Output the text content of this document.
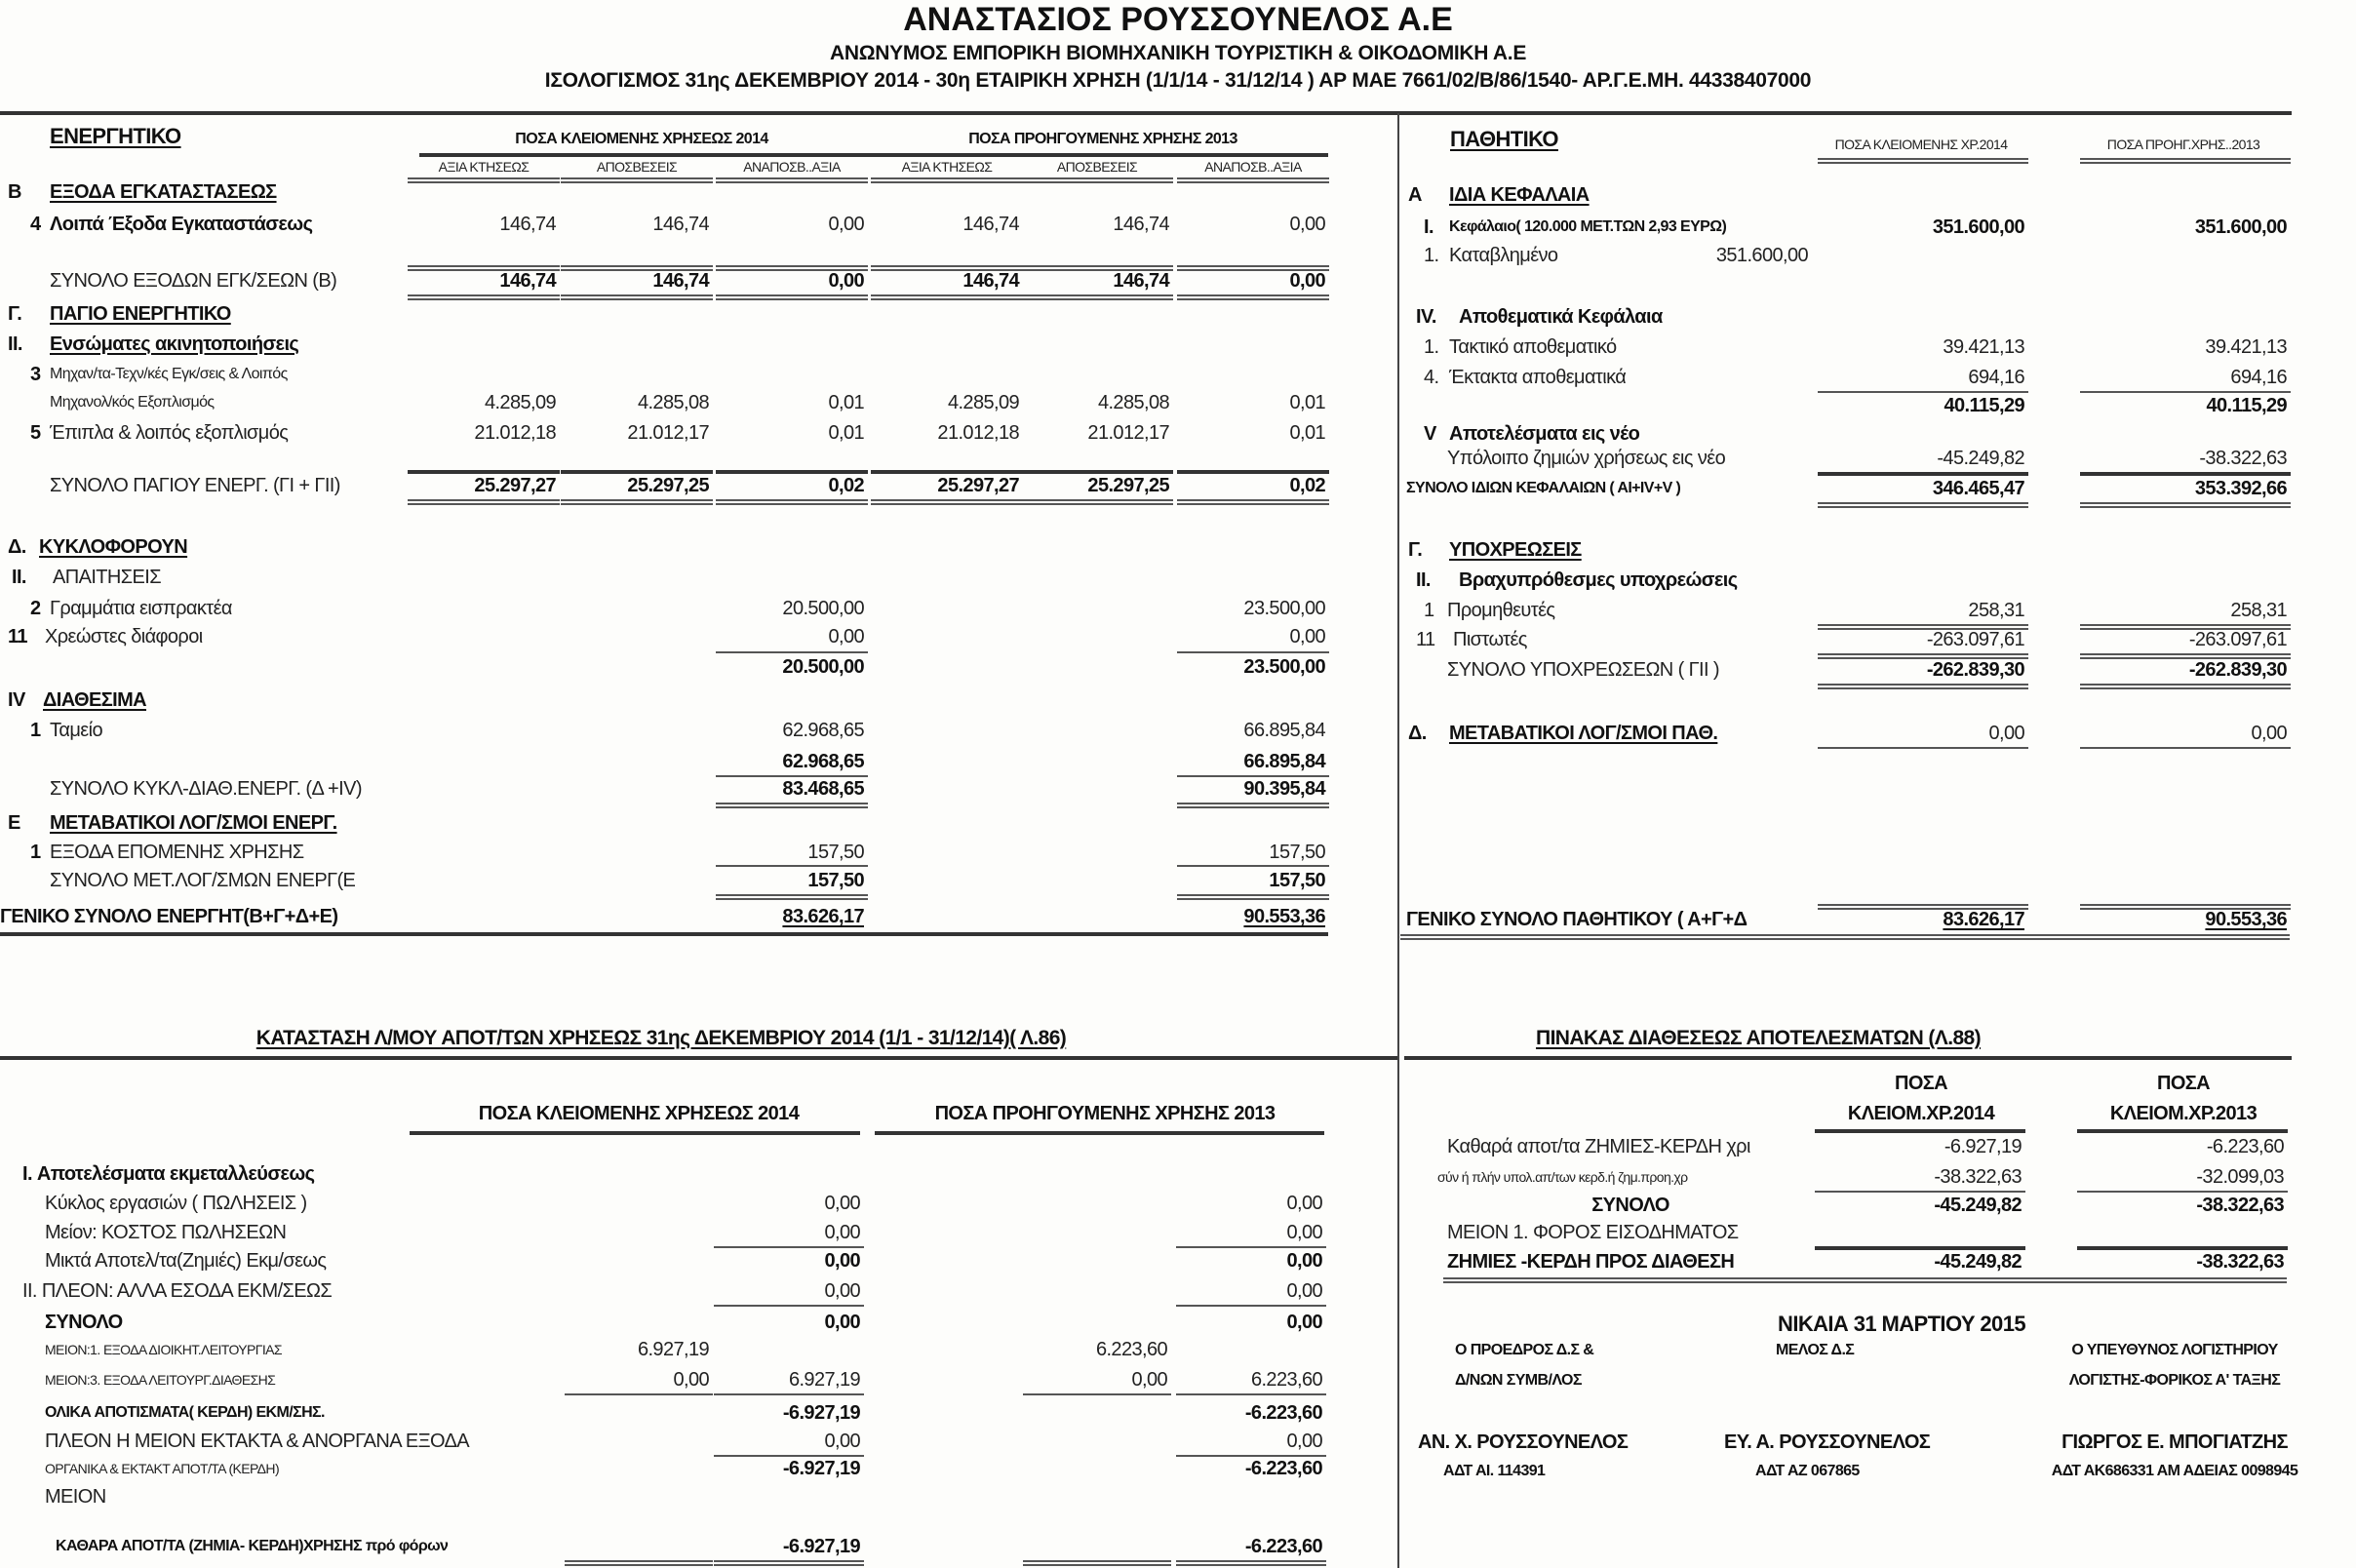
ΑΝΑΣΤΑΣΙΟΣ ΡΟΥΣΣΟΥΝΕΛΟΣ Α.Ε
ΑΝΩΝΥΜΟΣ ΕΜΠΟΡΙΚΗ ΒΙΟΜΗΧΑΝΙΚΗ ΤΟΥΡΙΣΤΙΚΗ & ΟΙΚΟΔΟΜΙΚΗ Α.Ε
ΙΣΟΛΟΓΙΣΜΟΣ 31ης ΔΕΚΕΜΒΡΙΟΥ 2014 - 30η ΕΤΑΙΡΙΚΗ ΧΡΗΣΗ (1/1/14 - 31/12/14 ) ΑΡ ΜΑΕ 7661/02/Β/86/1540- ΑΡ.Γ.Ε.ΜΗ. 44338407000
ΕΝΕΡΓΗΤΙΚΟ	ΠΟΣΑ ΚΛΕΙΟΜΕΝΗΣ ΧΡΗΣΕΩΣ 2014	ΠΟΣΑ ΠΡΟΗΓΟΥΜΕΝΗΣ ΧΡΗΣΗΣ 2013
ΑΞΙΑ ΚΤΗΣΕΩΣ	ΑΠΟΣΒΕΣΕΙΣ	ΑΝΑΠΟΣΒ..ΑΞΙΑ	ΑΞΙΑ ΚΤΗΣΕΩΣ	ΑΠΟΣΒΕΣΕΙΣ	ΑΝΑΠΟΣΒ..ΑΞΙΑ
Β ΕΞΟΔΑ ΕΓΚΑΤΑΣΤΑΣΕΩΣ
4 Λοιπά Έξοδα Εγκαταστάσεως	146,74	146,74	0,00	146,74	146,74	0,00
ΣΥΝΟΛΟ ΕΞΟΔΩΝ ΕΓΚ/ΣΕΩΝ (Β)	146,74	146,74	0,00	146,74	146,74	0,00
Γ. ΠΑΓΙΟ ΕΝΕΡΓΗΤΙΚΟ
II. Ενσώματες ακινητοποιήσεις
3 Μηχαν/τα-Τεχν/κές Εγκ/σεις & Λοιπός
Μηχανολ/κός Εξοπλισμός	4.285,09	4.285,08	0,01	4.285,09	4.285,08	0,01
5 Έπιπλα & λοιπός εξοπλισμός	21.012,18	21.012,17	0,01	21.012,18	21.012,17	0,01
ΣΥΝΟΛΟ ΠΑΓΙΟΥ ΕΝΕΡΓ. (ΓΙ + ΓΙΙ)	25.297,27	25.297,25	0,02	25.297,27	25.297,25	0,02
Δ. ΚΥΚΛΟΦΟΡΟΥΝ
II. ΑΠΑΙΤΗΣΕΙΣ
2 Γραμμάτια εισπρακτέα	20.500,00	23.500,00
11 Χρεώστες διάφοροι	0,00	0,00
20.500,00	23.500,00
IV ΔΙΑΘΕΣΙΜΑ
1 Ταμείο	62.968,65	66.895,84
62.968,65	66.895,84
ΣΥΝΟΛΟ ΚΥΚΛ-ΔΙΑΘ.ΕΝΕΡΓ. (Δ +IV)	83.468,65	90.395,84
Ε ΜΕΤΑΒΑΤΙΚΟΙ ΛΟΓ/ΣΜΟΙ ΕΝΕΡΓ.
1 ΕΞΟΔΑ ΕΠΟΜΕΝΗΣ ΧΡΗΣΗΣ	157,50	157,50
ΣΥΝΟΛΟ ΜΕΤ.ΛΟΓ/ΣΜΩΝ ΕΝΕΡΓ(Ε	157,50	157,50
ΓΕΝΙΚΟ ΣΥΝΟΛΟ ΕΝΕΡΓΗΤ(Β+Γ+Δ+Ε)	83.626,17	90.553,36
ΠΑΘΗΤΙΚΟ	ΠΟΣΑ ΚΛΕΙΟΜΕΝΗΣ ΧΡ.2014	ΠΟΣΑ ΠΡΟΗΓ.ΧΡΗΣ..2013
Α ΙΔΙΑ ΚΕΦΑΛΑΙΑ
I. Κεφάλαιο( 120.000 ΜΕΤ.ΤΩΝ 2,93 ΕΥΡΩ)	351.600,00	351.600,00
1. Καταβλημένο	351.600,00
IV. Αποθεματικά Κεφάλαια
1. Τακτικό αποθεματικό	39.421,13	39.421,13
4. Έκτακτα αποθεματικά	694,16	694,16
40.115,29	40.115,29
V Αποτελέσματα εις νέο
Υπόλοιπο ζημιών χρήσεως εις νέο	-45.249,82	-38.322,63
ΣΥΝΟΛΟ ΙΔΙΩΝ ΚΕΦΑΛΑΙΩΝ ( ΑΙ+IV+V )	346.465,47	353.392,66
Γ. ΥΠΟΧΡΕΩΣΕΙΣ
II. Βραχυπρόθεσμες υποχρεώσεις
1 Προμηθευτές	258,31	258,31
11 Πιστωτές	-263.097,61	-263.097,61
ΣΥΝΟΛΟ ΥΠΟΧΡΕΩΣΕΩΝ ( ΓΙΙ )	-262.839,30	-262.839,30
Δ. ΜΕΤΑΒΑΤΙΚΟΙ ΛΟΓ/ΣΜΟΙ ΠΑΘ.	0,00	0,00
ΓΕΝΙΚΟ ΣΥΝΟΛΟ ΠΑΘΗΤΙΚΟΥ ( Α+Γ+Δ	83.626,17	90.553,36
ΚΑΤΑΣΤΑΣΗ Λ/ΜΟΥ ΑΠΟΤ/ΤΩΝ ΧΡΗΣΕΩΣ 31ης ΔΕΚΕΜΒΡΙΟΥ 2014 (1/1 - 31/12/14)( Λ.86)
ΠΟΣΑ ΚΛΕΙΟΜΕΝΗΣ ΧΡΗΣΕΩΣ 2014	ΠΟΣΑ ΠΡΟΗΓΟΥΜΕΝΗΣ ΧΡΗΣΗΣ 2013
I. Αποτελέσματα εκμεταλλεύσεως
Κύκλος εργασιών ( ΠΩΛΗΣΕΙΣ )	0,00	0,00
Μείον: ΚΟΣΤΟΣ ΠΩΛΗΣΕΩΝ	0,00	0,00
Μικτά Αποτελ/τα(Ζημιές) Εκμ/σεως	0,00	0,00
II. ΠΛΕΟΝ: ΑΛΛΑ ΕΣΟΔΑ ΕΚΜ/ΣΕΩΣ	0,00	0,00
ΣΥΝΟΛΟ	0,00	0,00
ΜΕΙΟΝ:1. ΕΞΟΔΑ ΔΙΟΙΚΗΤ.ΛΕΙΤΟΥΡΓΙΑΣ	6.927,19	6.223,60
ΜΕΙΟΝ:3. ΕΞΟΔΑ ΛΕΙΤΟΥΡΓ.ΔΙΑΘΕΣΗΣ	0,00	6.927,19	0,00	6.223,60
ΟΛΙΚΑ ΑΠΟΤΙΣΜΑΤΑ( ΚΕΡΔΗ) ΕΚΜ/ΣΗΣ.	-6.927,19	-6.223,60
ΠΛΕΟΝ Η ΜΕΙΟΝ ΕΚΤΑΚΤΑ & ΑΝΟΡΓΑΝΑ ΕΞΟΔΑ	0,00	0,00
ΟΡΓΑΝΙΚΑ & ΕΚΤΑΚΤ ΑΠΟΤ/ΤΑ (ΚΕΡΔΗ)	-6.927,19	-6.223,60
ΜΕΙΟΝ
ΚΑΘΑΡΑ ΑΠΟΤ/ΤΑ (ΖΗΜΙΑ- ΚΕΡΔΗ)ΧΡΗΣΗΣ πρό φόρων	-6.927,19	-6.223,60
ΠΙΝΑΚΑΣ ΔΙΑΘΕΣΕΩΣ ΑΠΟΤΕΛΕΣΜΑΤΩΝ (Λ.88)
ΠΟΣΑ
ΚΛΕΙΟΜ.ΧΡ.2014
ΠΟΣΑ
ΚΛΕΙΟΜ.ΧΡ.2013
Καθαρά αποτ/τα ΖΗΜΙΕΣ-ΚΕΡΔΗ χρι	-6.927,19	-6.223,60
σύν ή πλήν υπολ.απ/των κερδ.ή ζημ.προη.χρ	-38.322,63	-32.099,03
ΣΥΝΟΛΟ	-45.249,82	-38.322,63
ΜΕΙΟΝ 1. ΦΟΡΟΣ ΕΙΣΟΔΗΜΑΤΟΣ
ΖΗΜΙΕΣ -ΚΕΡΔΗ ΠΡΟΣ ΔΙΑΘΕΣΗ	-45.249,82	-38.322,63
ΝΙΚΑΙΑ 31 ΜΑΡΤΙΟΥ 2015
Ο ΠΡΟΕΔΡΟΣ Δ.Σ &
Δ/ΝΩΝ ΣΥΜΒ/ΛΟΣ
ΑΝ. Χ. ΡΟΥΣΣΟΥΝΕΛΟΣ
ΑΔΤ ΑΙ. 114391
ΜΕΛΟΣ Δ.Σ
ΕΥ. Α. ΡΟΥΣΣΟΥΝΕΛΟΣ
ΑΔΤ ΑΖ 067865
Ο ΥΠΕΥΘΥΝΟΣ ΛΟΓΙΣΤΗΡΙΟΥ
ΛΟΓΙΣΤΗΣ-ΦΟΡΙΚΟΣ Α' ΤΑΞΗΣ
ΓΙΩΡΓΟΣ Ε. ΜΠΟΓΙΑΤΖΗΣ
ΑΔΤ ΑΚ686331 ΑΜ ΑΔΕΙΑΣ 0098945
